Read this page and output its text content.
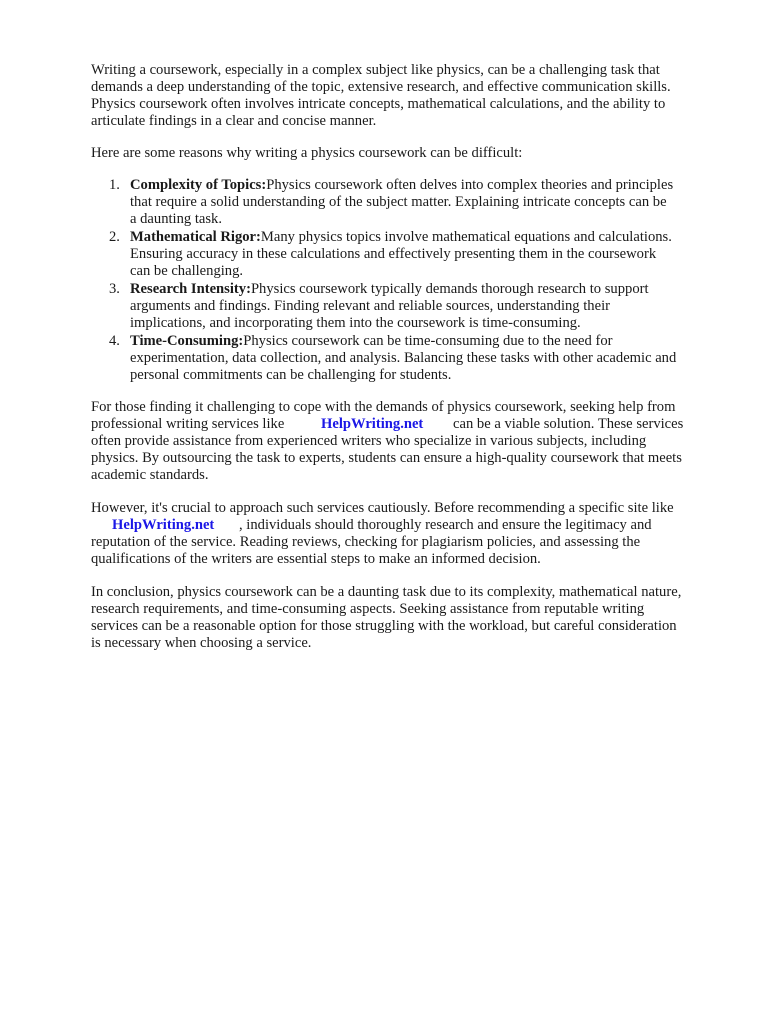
Writing a coursework, especially in a complex subject like physics, can be a challenging task that
demands a deep understanding of the topic, extensive research, and effective communication skills.
Physics coursework often involves intricate concepts, mathematical calculations, and the ability to
articulate findings in a clear and concise manner.
Here are some reasons why writing a physics coursework can be difficult:
1. Complexity of Topics:Physics coursework often delves into complex theories and principles
that require a solid understanding of the subject matter. Explaining intricate concepts can be
a daunting task.
2. Mathematical Rigor:Many physics topics involve mathematical equations and calculations.
Ensuring accuracy in these calculations and effectively presenting them in the coursework
can be challenging.
3. Research Intensity:Physics coursework typically demands thorough research to support
arguments and findings. Finding relevant and reliable sources, understanding their
implications, and incorporating them into the coursework is time-consuming.
4. Time-Consuming:Physics coursework can be time-consuming due to the need for
experimentation, data collection, and analysis. Balancing these tasks with other academic and
personal commitments can be challenging for students.
For those finding it challenging to cope with the demands of physics coursework, seeking help from
professional writing services like	HelpWriting.net can be a viable solution. These services
often provide assistance from experienced writers who specialize in various subjects, including
physics. By outsourcing the task to experts, students can ensure a high-quality coursework that meets
academic standards.
However, it's crucial to approach such services cautiously. Before recommending a specific site like
HelpWriting.net , individuals should thoroughly research and ensure the legitimacy and
reputation of the service. Reading reviews, checking for plagiarism policies, and assessing the
qualifications of the writers are essential steps to make an informed decision.
In conclusion, physics coursework can be a daunting task due to its complexity, mathematical nature,
research requirements, and time-consuming aspects. Seeking assistance from reputable writing
services can be a reasonable option for those struggling with the workload, but careful consideration
is necessary when choosing a service.
